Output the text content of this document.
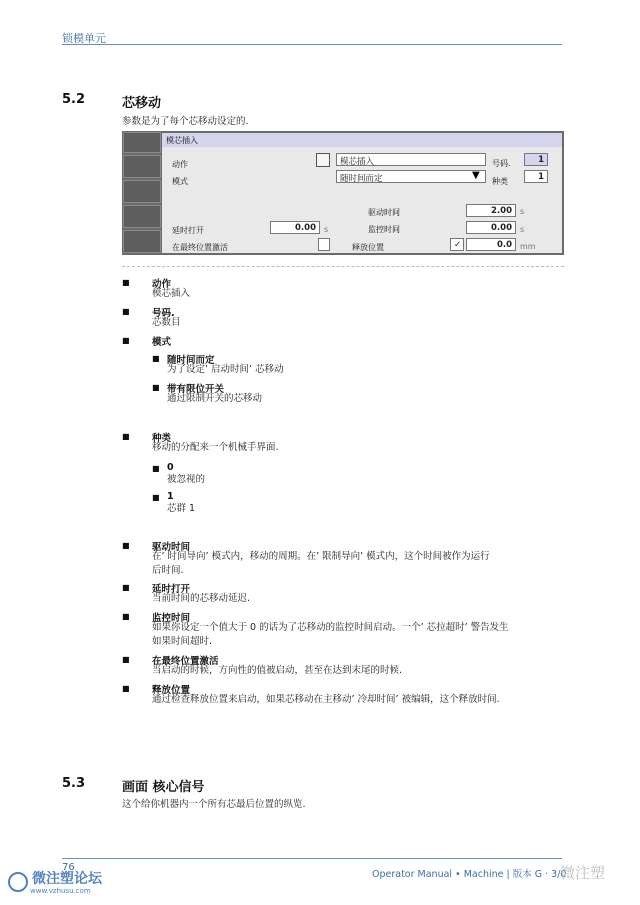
锁模单元
5.2	芯移动
参数是为了每个芯移动设定的.
模芯插入
动作	模芯插入	号码.	1
模式	随时间而定	▼
种类	1
驱动时间	2.00	s
延时打开	0.00	s	监控时间	0.00	s
在最终位置激活	释放位置	✓	0.0	mm
■ 动作
模芯插入
■ 号码.
芯数目
■ 模式
■ 随时间而定
为了设定’ 启动时间’ 芯移动
■ 带有限位开关
通过限制开关的芯移动
■ 种类
移动的分配来一个机械手界面.
■ 0
被忽视的
■ 1
芯群 1
■ 驱动时间
在’ 时间导向’ 模式内，移动的周期。在’ 限制导向’ 模式内，这个时间被作为运行
后时间.
■ 延时打开
当前时间的芯移动延迟.
■ 监控时间
如果你设定一个值大于 0 的话为了芯移动的监控时间启动。一个’ 芯拉超时’ 警告发生
如果时间超时.
■ 在最终位置激活
当启动的时候，方向性的值被启动，甚至在达到末尾的时候.
■ 释放位置
通过检查释放位置来启动，如果芯移动在主移动’ 冷却时间’ 被编辑，这个释放时间.
5.3	画面 核心信号
这个给你机器内一个所有芯最后位置的纵览.
76
Operator Manual • Machine | 版本 G · 3/0
微注塑论坛
www.vzhusu.com
微注塑
